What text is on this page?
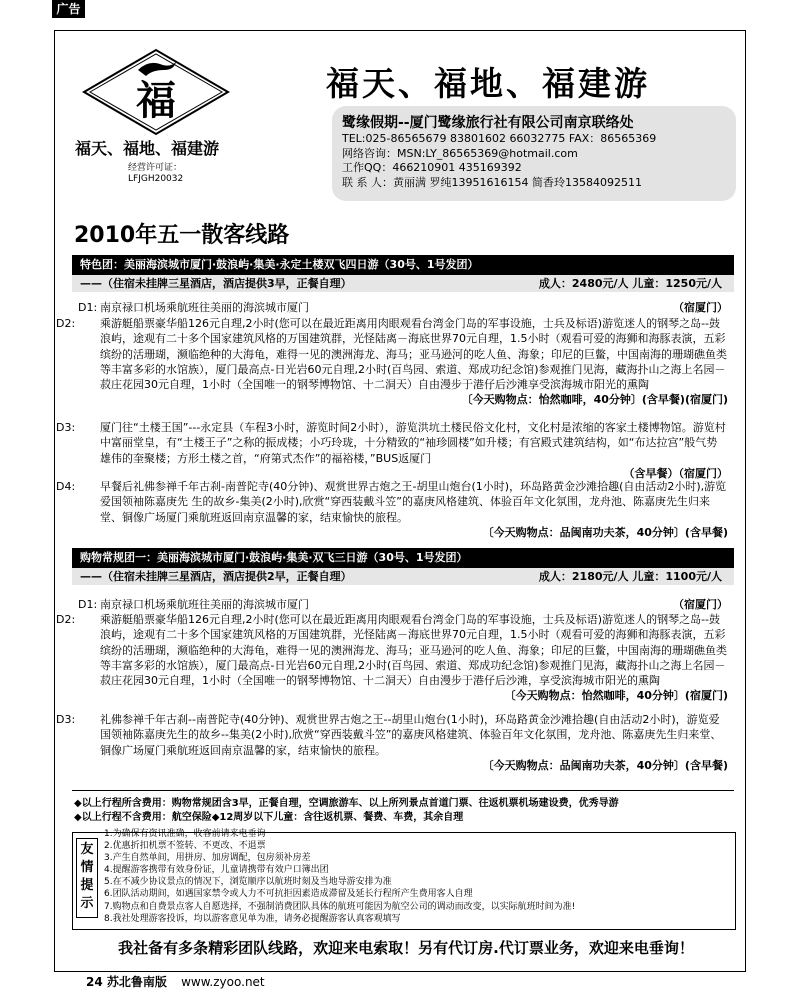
广告
福
福天、福地、福建游
经营许可证：
LFJGH20032
福天、福地、福建游
鹭缘假期--厦门鹭缘旅行社有限公司南京联络处
TEL:025-86565679 83801602 66032775 FAX：86565369
网络咨询：MSN:LY_86565369@hotmail.com
工作QQ：466210901 435169392
联 系 人：黄丽满 罗纯13951616154 简香玲13584092511
2010年五一散客线路
特色团：美丽海滨城市厦门·鼓浪屿·集美·永定土楼双飞四日游（30号、1号发团）
——（住宿未挂牌三星酒店，酒店提供3早，正餐自理）	成人：2480元/人 儿童：1250元/人
（宿厦门）
D1: 南京禄口机场乘航班往美丽的海滨城市厦门
D2: 乘游艇船票豪华船126元自理,2小时(您可以在最近距离用肉眼观看台湾金门岛的军事设施，士兵及标语)游览迷人的钢琴之岛--鼓浪屿，途观有二十多个国家建筑风格的万国建筑群，光怪陆离－海底世界70元自理，1.5小时（观看可爱的海狮和海豚表演，五彩缤纷的活珊瑚，濒临绝种的大海龟，难得一见的澳洲海龙、海马；亚马逊河的吃人鱼、海象；印尼的巨鳖，中国南海的珊瑚礁鱼类等丰富多彩的水馆族），厦门最高点-日光岩60元自理,2小时(百鸟园、索道、郑成功纪念馆)参观推门见海，藏海扑山之海上名园－菽庄花园30元自理，1小时（全国唯一的钢琴博物馆、十二洞天）自由漫步于港仔后沙滩享受滨海城市阳光的熏陶
〔今天购物点：怡然咖啡，40分钟〕(含早餐)(宿厦门)
D3: 厦门往“土楼王国”---永定县（车程3小时，游览时间2小时），游览洪坑土楼民俗文化村，文化村是浓缩的客家土楼博物馆。游览村中富丽堂皇，有“土楼王子”之称的振成楼；小巧玲珑，十分精致的“袖珍圆楼”如升楼；有宫殿式建筑结构，如“布达拉宫”般气势雄伟的奎聚楼；方形土楼之首，“府第式杰作”的福裕楼，”BUS返厦门
（含早餐）（宿厦门）
D4: 早餐后礼佛参禅千年古刹-南普陀寺(40分钟)、观赏世界古炮之王-胡里山炮台(1小时)，环岛路黄金沙滩拾趣(自由活动2小时),游览爱国领袖陈嘉庚先 生的故乡-集美(2小时),欣赏“穿西装戴斗笠”的嘉庚风格建筑、体验百年文化氛围，龙舟池、陈嘉庚先生归来堂、铜像广场厦门乘航班返回南京温馨的家，结束愉快的旅程。
〔今天购物点：品闽南功夫茶，40分钟〕(含早餐)
购物常规团一：美丽海滨城市厦门·鼓浪屿·集美·双飞三日游（30号、1号发团）
——（住宿未挂牌三星酒店，酒店提供2早，正餐自理）	成人：2180元/人 儿童：1100元/人
（宿厦门）
D1: 南京禄口机场乘航班往美丽的海滨城市厦门
D2: 乘游艇船票豪华船126元自理,2小时(您可以在最近距离用肉眼观看台湾金门岛的军事设施，士兵及标语)游览迷人的钢琴之岛--鼓浪屿，途观有二十多个国家建筑风格的万国建筑群，光怪陆离－海底世界70元自理，1.5小时（观看可爱的海狮和海豚表演，五彩缤纷的活珊瑚，濒临绝种的大海龟，难得一见的澳洲海龙、海马；亚马逊河的吃人鱼、海象；印尼的巨鳖，中国南海的珊瑚礁鱼类等丰富多彩的水馆族），厦门最高点-日光岩60元自理,2小时(百鸟园、索道、郑成功纪念馆)参观推门见海，藏海扑山之海上名园－菽庄花园30元自理，1小时（全国唯一的钢琴博物馆、十二洞天）自由漫步于港仔后沙滩，享受滨海城市阳光的熏陶
〔今天购物点：怡然咖啡，40分钟〕(宿厦门)
D3: 礼佛参禅千年古刹--南普陀寺(40分钟)、观赏世界古炮之王--胡里山炮台(1小时)，环岛路黄金沙滩拾趣(自由活动2小时)，游览爱国领袖陈嘉庚先生的故乡--集美(2小时),欣赏“穿西装戴斗笠”的嘉庚风格建筑、体验百年文化氛围，龙舟池、陈嘉庚先生归来堂、铜像广场厦门乘航班返回南京温馨的家，结束愉快的旅程。
〔今天购物点：品闽南功夫茶，40分钟〕(含早餐)
◆以上行程所含费用：购物常规团含3早，正餐自理，空调旅游车、以上所列景点首道门票、往返机票机场建设费，优秀导游
◆以上行程不含费用：航空保险◆12周岁以下儿童：含往返机票、餐费、车费，其余自理
友情提示
1.为确保有资讯准确，收客前请来电垂询
2.优惠折扣机票不签转、不更改、不退票
3.产生自然单间，用拼房、加房调配，包房须补房差
4.提醒游客携带有效身份证，儿童请携带有效户口簿出团
5.在不减少协议景点的情况下，浏览顺序以航班时刻及当地导游安排为准
6.团队活动期间，如遇国家禁令或人力不可抗拒因素造成滞留及延长行程所产生费用客人自理
7.购物点和自费景点客人自愿选择，不强制消费团队具体的航班可能因为航空公司的调动而改变，以实际航班时间为准!
8.我社处理游客投诉，均以游客意见单为准，请务必提醒游客认真客观填写
我社备有多条精彩团队线路，欢迎来电索取！另有代订房.代订票业务，欢迎来电垂询！
24 苏北鲁南版 www.zyoo.net
